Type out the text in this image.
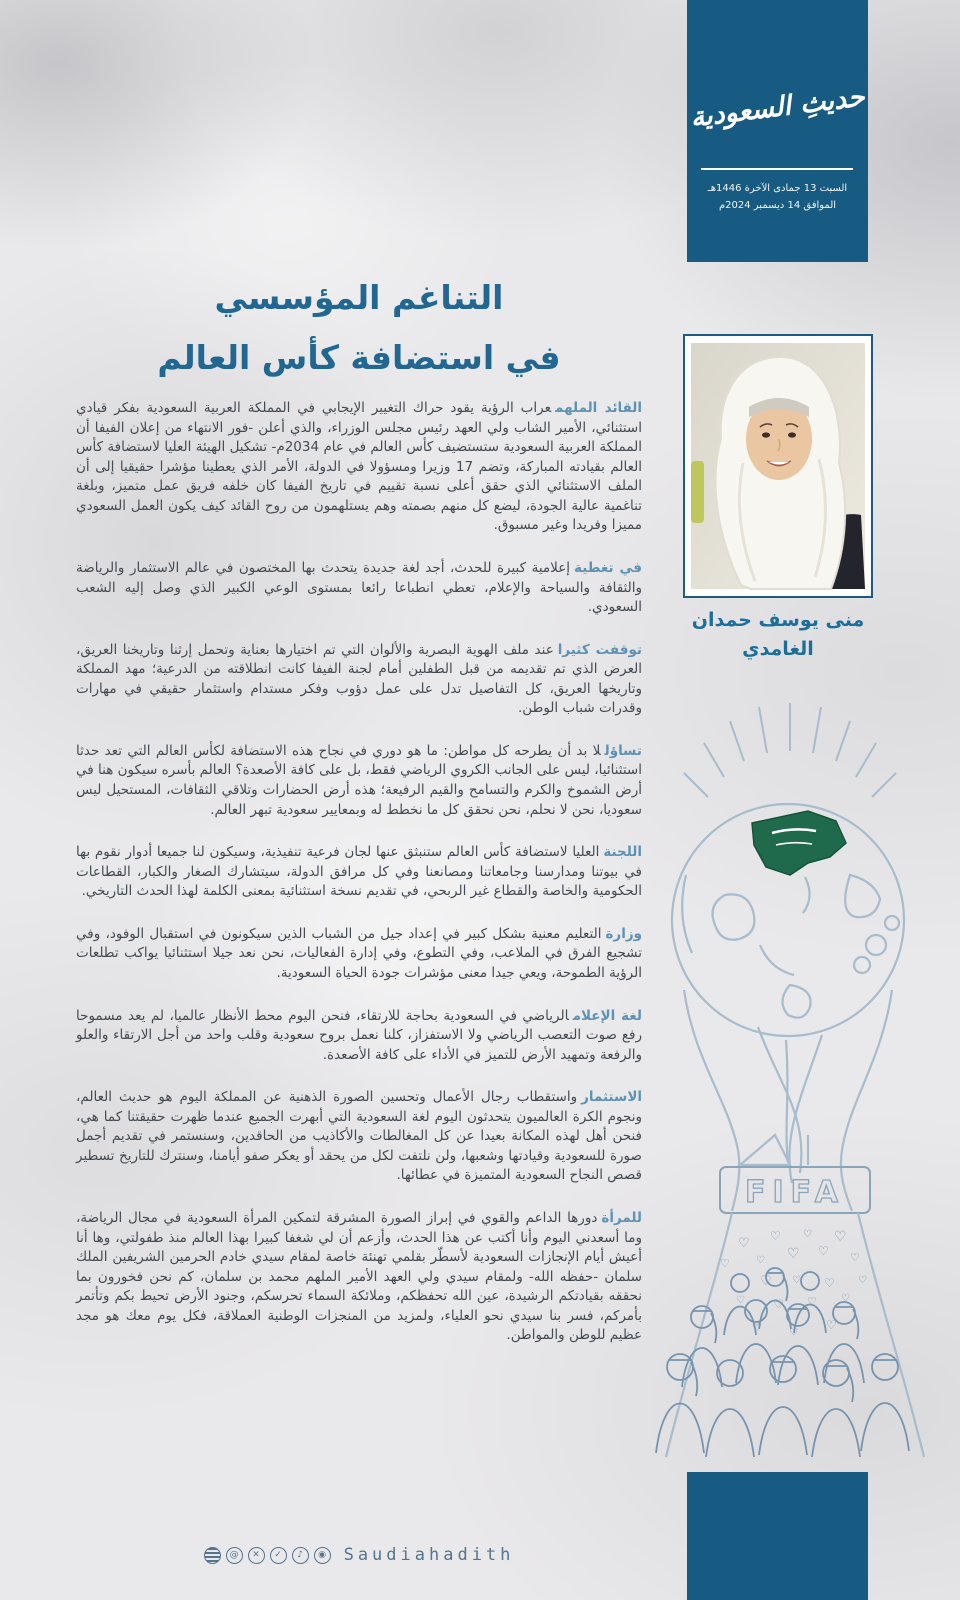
حديثِ السعودية
السبت 13 جمادى الآخرة 1446هـ
الموافق 14 ديسمبر 2024م
التناغم المؤسسي
في استضافة كأس العالم

القائد الملهمعراب الرؤية يقود حراك التغيير الإيجابي في المملكة العربية السعودية بفكر قيادي استثنائي، الأمير الشاب ولي العهد رئيس مجلس الوزراء، والذي أعلن -فور الانتهاء من إعلان الفيفا أن المملكة العربية السعودية ستستضيف كأس العالم في عام 2034م- تشكيل الهيئة العليا لاستضافة كأس العالم بقيادته المباركة، وتضم 17 وزيرا ومسؤولا في الدولة، الأمر الذي يعطينا مؤشرا حقيقيا إلى أن الملف الاستثنائي الذي حقق أعلى نسبة تقييم في تاريخ الفيفا كان خلفه فريق عمل متميز، وبلغة تناغمية عالية الجودة، ليضع كل منهم بصمته وهم يستلهمون من روح القائد كيف يكون العمل السعودي مميزا وفريدا وغير مسبوق.

في تغطيةإعلامية كبيرة للحدث، أجد لغة جديدة يتحدث بها المختصون في عالم الاستثمار والرياضة والثقافة والسياحة والإعلام، تعطي انطباعا رائعا بمستوى الوعي الكبير الذي وصل إليه الشعب السعودي.

توقفت كثيراعند ملف الهوية البصرية والألوان التي تم اختيارها بعناية وتحمل إرثنا وتاريخنا العريق، العرض الذي تم تقديمه من قبل الطفلين أمام لجنة الفيفا كانت انطلاقته من الدرعية؛ مهد المملكة وتاريخها العريق، كل التفاصيل تدل على عمل دؤوب وفكر مستدام واستثمار حقيقي في مهارات وقدرات شباب الوطن.

تساؤللا بد أن يطرحه كل مواطن: ما هو دوري في نجاح هذه الاستضافة لكأس العالم التي تعد حدثا استثنائيا، ليس على الجانب الكروي الرياضي فقط، بل على كافة الأصعدة؟ العالم بأسره سيكون هنا في أرض الشموخ والكرم والتسامح والقيم الرفيعة؛ هذه أرض الحضارات وتلاقي الثقافات، المستحيل ليس سعوديا، نحن لا نحلم، نحن نحقق كل ما نخطط له وبمعايير سعودية تبهر العالم.

اللجنةالعليا لاستضافة كأس العالم ستنبثق عنها لجان فرعية تنفيذية، وسيكون لنا جميعا أدوار نقوم بها في بيوتنا ومدارسنا وجامعاتنا ومصانعنا وفي كل مرافق الدولة، سيتشارك الصغار والكبار، القطاعات الحكومية والخاصة والقطاع غير الربحي، في تقديم نسخة استثنائية بمعنى الكلمة لهذا الحدث التاريخي.

وزارةالتعليم معنية بشكل كبير في إعداد جيل من الشباب الذين سيكونون في استقبال الوفود، وفي تشجيع الفرق في الملاعب، وفي التطوع، وفي إدارة الفعاليات، نحن نعد جيلا استثنائيا يواكب تطلعات الرؤية الطموحة، ويعي جيدا معنى مؤشرات جودة الحياة السعودية.

لغة الإعلامالرياضي في السعودية بحاجة للارتقاء، فنحن اليوم محط الأنظار عالميا، لم يعد مسموحا رفع صوت التعصب الرياضي ولا الاستفزاز، كلنا نعمل بروح سعودية وقلب واحد من أجل الارتقاء والعلو والرفعة وتمهيد الأرض للتميز في الأداء على كافة الأصعدة.

الاستثمارواستقطاب رجال الأعمال وتحسين الصورة الذهنية عن المملكة اليوم هو حديث العالم، ونجوم الكرة العالميون يتحدثون اليوم لغة السعودية التي أبهرت الجميع عندما ظهرت حقيقتنا كما هي، فنحن أهل لهذه المكانة بعيدا عن كل المغالطات والأكاذيب من الحاقدين، وسنستمر في تقديم أجمل صورة للسعودية وقيادتها وشعبها، ولن نلتفت لكل من يحقد أو يعكر صفو أيامنا، وسنترك للتاريخ تسطير قصص النجاح السعودية المتميزة في عطائها.

للمرأةدورها الداعم والقوي في إبراز الصورة المشرقة لتمكين المرأة السعودية في مجال الرياضة، وما أسعدني اليوم وأنا أكتب عن هذا الحدث، وأزعم أن لي شغفا كبيرا بهذا العالم منذ طفولتي، وها أنا أعيش أيام الإنجازات السعودية لأسطّر بقلمي تهنئة خاصة لمقام سيدي خادم الحرمين الشريفين الملك سلمان -حفظه الله- ولمقام سيدي ولي العهد الأمير الملهم محمد بن سلمان، كم نحن فخورون بما نحققه بقيادتكم الرشيدة، عين الله تحفظكم، وملائكة السماء تحرسكم، وجنود الأرض تحيط بكم وتأتمر بأمركم، فسر بنا سيدي نحو العلياء، ولمزيد من المنجزات الوطنية العملاقة، فكل يوم معك هو مجد عظيم للوطن والمواطن.

منى يوسف حمدان
الغامدي
FIFA
♡
♡
♡
♡
♡
♡
♡
♡
♡
♡ ♡ ♡
♡ ♡ ♡ ♡
♡	♡
♡
♡
@	✕	✓	♪	◉ Saudiahadith
